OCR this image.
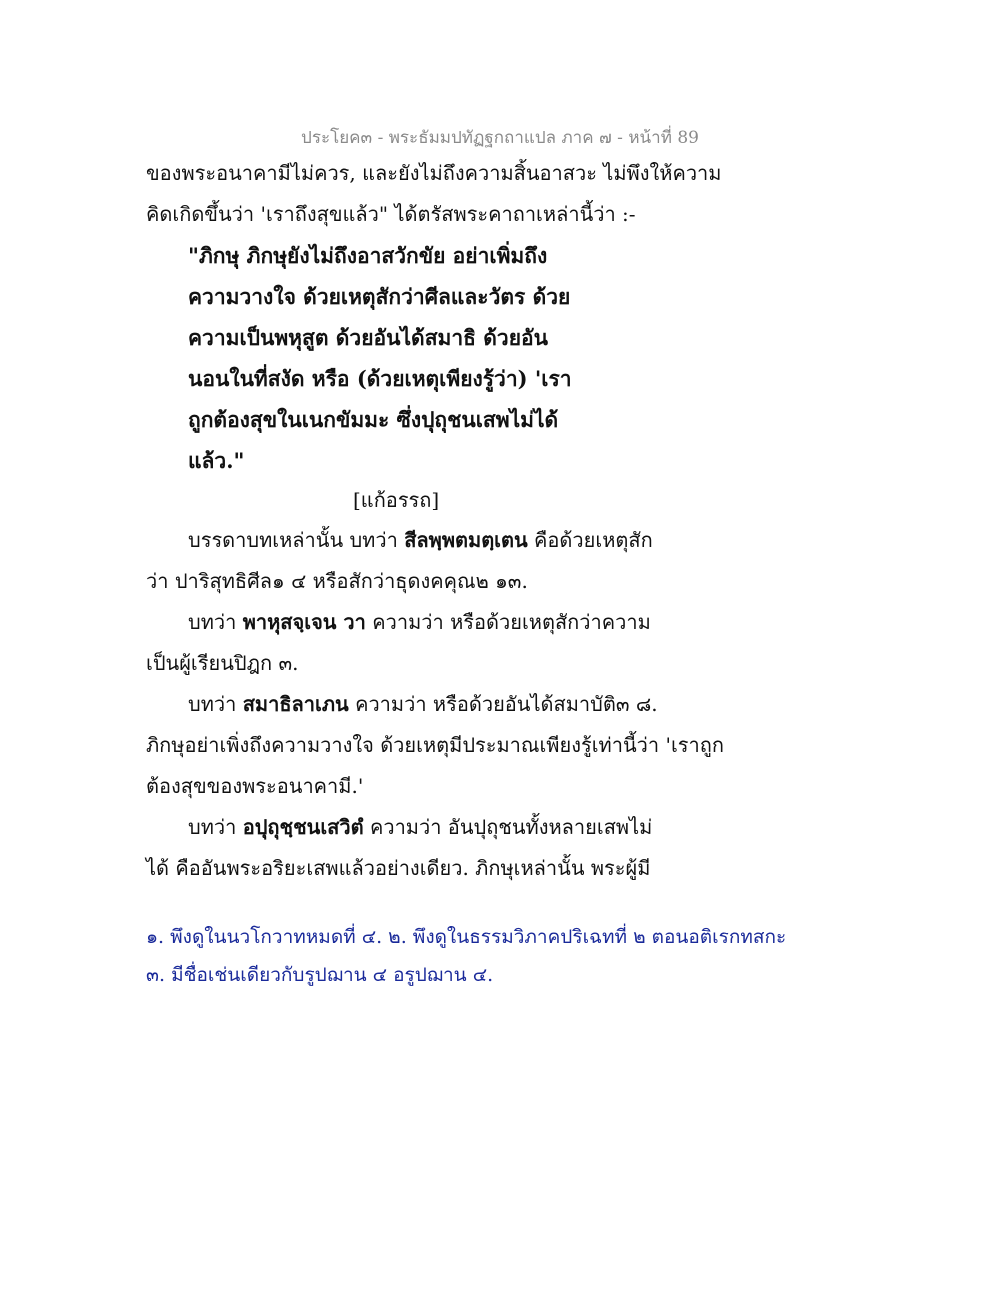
ประโยค๓ - พระธัมมปทัฏฐกถาแปล ภาค ๗ - หน้าที่ 89
ของพระอนาคามีไม่ควร, และยังไม่ถึงความสิ้นอาสวะ ไม่พึงให้ความ
คิดเกิดขึ้นว่า 'เราถึงสุขแล้ว" ได้ตรัสพระคาถาเหล่านี้ว่า :-
"ภิกษุ ภิกษุยังไม่ถึงอาสวักขัย อย่าเพิ่มถึง
ความวางใจ ด้วยเหตุสักว่าศีลและวัตร ด้วย
ความเป็นพหุสูต ด้วยอันได้สมาธิ ด้วยอัน
นอนในที่สงัด หรือ (ด้วยเหตุเพียงรู้ว่า) 'เรา
ถูกต้องสุขในเนกขัมมะ ซึ่งปุถุชนเสพไม่ได้
แล้ว."
[แก้อรรถ]
บรรดาบทเหล่านั้น บทว่า สีลพฺพตมตฺเตน คือด้วยเหตุสัก
ว่า ปาริสุทธิศีล๑ ๔ หรือสักว่าธุดงคคุณ๒ ๑๓.
บทว่า พาหุสจฺเจน วา ความว่า หรือด้วยเหตุสักว่าความ
เป็นผู้เรียนปิฎก ๓.
บทว่า สมาธิลาเภน ความว่า หรือด้วยอันได้สมาบัติ๓ ๘.
ภิกษุอย่าเพิ่งถึงความวางใจ ด้วยเหตุมีประมาณเพียงรู้เท่านี้ว่า 'เราถูก
ต้องสุขของพระอนาคามี.'
บทว่า อปุถุชฺชนเสวิตํ ความว่า อันปุถุชนทั้งหลายเสพไม่
ได้ คืออันพระอริยะเสพแล้วอย่างเดียว. ภิกษุเหล่านั้น พระผู้มี
๑. พึงดูในนวโกวาทหมดที่ ๔. ๒. พึงดูในธรรมวิภาคปริเฉทที่ ๒ ตอนอติเรกทสกะ
๓. มีชื่อเช่นเดียวกับรูปฌาน ๔ อรูปฌาน ๔.
